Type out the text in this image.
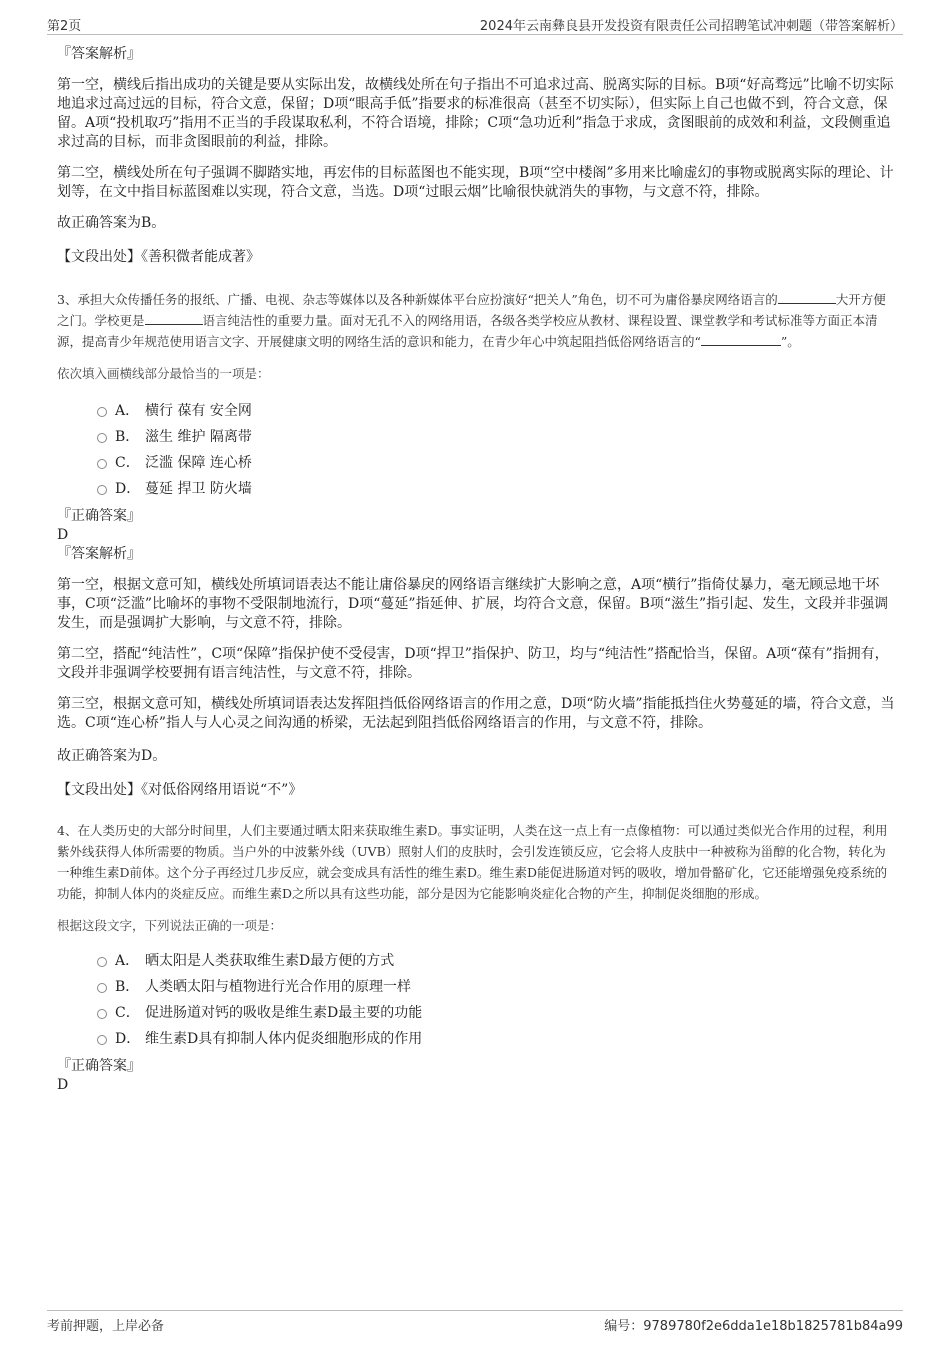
第2页	2024年云南彝良县开发投资有限责任公司招聘笔试冲刺题（带答案解析）

『答案解析』

第一空，横线后指出成功的关键是要从实际出发，故横线处所在句子指出不可追求过高、脱离实际的目标。B项“好高骛远”比喻不切实际地追求过高过远的目标，符合文意，保留；D项“眼高手低”指要求的标准很高（甚至不切实际），但实际上自己也做不到，符合文意，保留。A项“投机取巧”指用不正当的手段谋取私利，不符合语境，排除；C项“急功近利”指急于求成，贪图眼前的成效和利益，文段侧重追求过高的目标，而非贪图眼前的利益，排除。

第二空，横线处所在句子强调不脚踏实地，再宏伟的目标蓝图也不能实现，B项“空中楼阁”多用来比喻虚幻的事物或脱离实际的理论、计划等，在文中指目标蓝图难以实现，符合文意，当选。D项“过眼云烟”比喻很快就消失的事物，与文意不符，排除。

故正确答案为B。

【文段出处】《善积微者能成著》

3、承担大众传播任务的报纸、广播、电视、杂志等媒体以及各种新媒体平台应扮演好“把关人”角色，切不可为庸俗暴戾网络语言的	大开方便之门。学校更是	语言纯洁性的重要力量。面对无孔不入的网络用语，各级各类学校应从教材、课程设置、课堂教学和考试标准等方面正本清源，提高青少年规范使用语言文字、开展健康文明的网络生活的意识和能力，在青少年心中筑起阻挡低俗网络语言的“	”。

依次填入画横线部分最恰当的一项是：

A． 横行 葆有 安全网
B． 滋生 维护 隔离带
C． 泛滥 保障 连心桥
D． 蔓延 捍卫 防火墙

『正确答案』

D

『答案解析』

第一空，根据文意可知，横线处所填词语表达不能让庸俗暴戾的网络语言继续扩大影响之意，A项“横行”指倚仗暴力，毫无顾忌地干坏事，C项“泛滥”比喻坏的事物不受限制地流行，D项“蔓延”指延伸、扩展，均符合文意，保留。B项“滋生”指引起、发生，文段并非强调发生，而是强调扩大影响，与文意不符，排除。

第二空，搭配“纯洁性”，C项“保障”指保护使不受侵害，D项“捍卫”指保护、防卫，均与“纯洁性”搭配恰当，保留。A项“葆有”指拥有，文段并非强调学校要拥有语言纯洁性，与文意不符，排除。

第三空，根据文意可知，横线处所填词语表达发挥阻挡低俗网络语言的作用之意，D项“防火墙”指能抵挡住火势蔓延的墙，符合文意，当选。C项“连心桥”指人与人心灵之间沟通的桥梁，无法起到阻挡低俗网络语言的作用，与文意不符，排除。

故正确答案为D。

【文段出处】《对低俗网络用语说“不”》

4、在人类历史的大部分时间里，人们主要通过晒太阳来获取维生素D。事实证明，人类在这一点上有一点像植物：可以通过类似光合作用的过程，利用紫外线获得人体所需要的物质。当户外的中波紫外线（UVB）照射人们的皮肤时，会引发连锁反应，它会将人皮肤中一种被称为甾醇的化合物，转化为一种维生素D前体。这个分子再经过几步反应，就会变成具有活性的维生素D。维生素D能促进肠道对钙的吸收，增加骨骼矿化，它还能增强免疫系统的功能，抑制人体内的炎症反应。而维生素D之所以具有这些功能，部分是因为它能影响炎症化合物的产生，抑制促炎细胞的形成。

根据这段文字，下列说法正确的一项是：

A． 晒太阳是人类获取维生素D最方便的方式
B． 人类晒太阳与植物进行光合作用的原理一样
C． 促进肠道对钙的吸收是维生素D最主要的功能
D． 维生素D具有抑制人体内促炎细胞形成的作用

『正确答案』

D

考前押题，上岸必备	编号：9789780f2e6dda1e18b1825781b84a99
